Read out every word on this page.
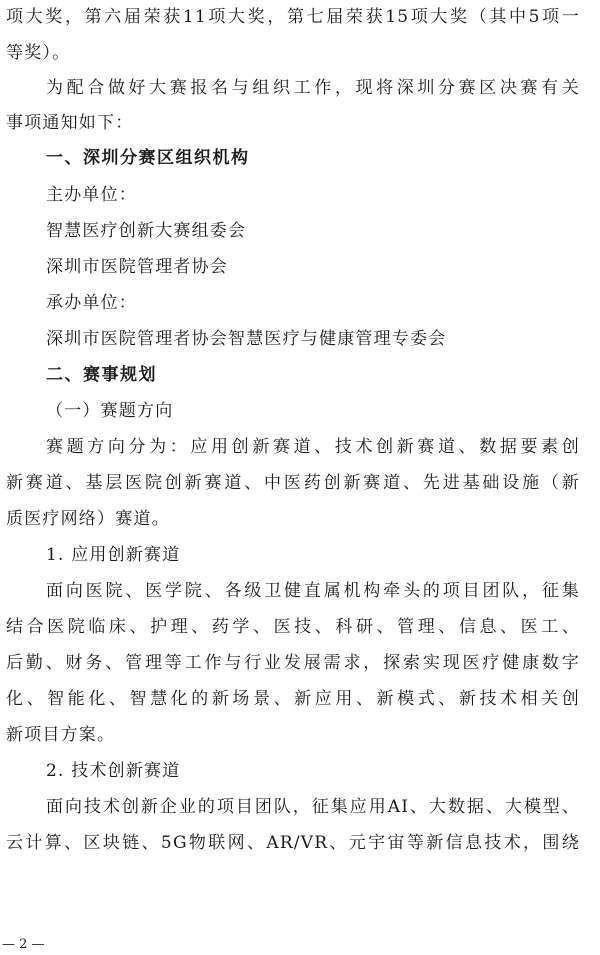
项大奖，第六届荣获11项大奖，第七届荣获15项大奖（其中5项一
等奖）。
为配合做好大赛报名与组织工作，现将深圳分赛区决赛有关
事项通知如下：
一、深圳分赛区组织机构
主办单位：
智慧医疗创新大赛组委会
深圳市医院管理者协会
承办单位：
深圳市医院管理者协会智慧医疗与健康管理专委会
二、赛事规划
（一）赛题方向
赛题方向分为：应用创新赛道、技术创新赛道、数据要素创
新赛道、基层医院创新赛道、中医药创新赛道、先进基础设施（新
质医疗网络）赛道。
1. 应用创新赛道
面向医院、医学院、各级卫健直属机构牵头的项目团队，征集
结合医院临床、护理、药学、医技、科研、管理、信息、医工、
后勤、财务、管理等工作与行业发展需求，探索实现医疗健康数字
化、智能化、智慧化的新场景、新应用、新模式、新技术相关创
新项目方案。
2. 技术创新赛道
面向技术创新企业的项目团队，征集应用AI、大数据、大模型、
云计算、区块链、5G物联网、AR/VR、元宇宙等新信息技术，围绕
— 2 —
